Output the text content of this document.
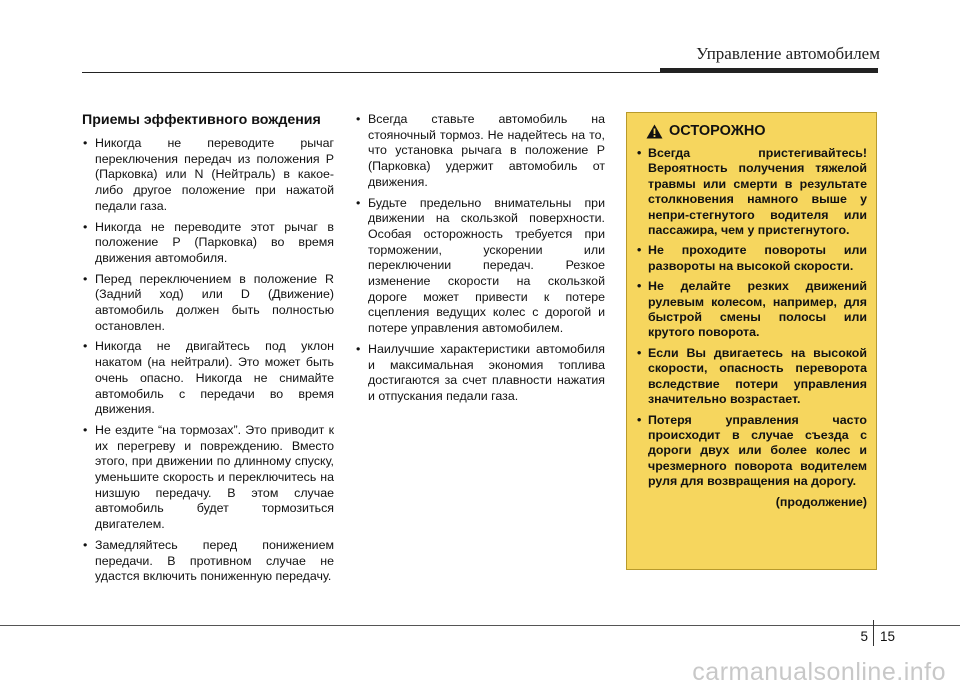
Управление автомобилем
Приемы эффективного вождения
• Никогда не переводите рычаг переключения передач из положения P (Парковка) или N (Нейтраль) в какое-либо другое положение при нажатой педали газа.
• Никогда не переводите этот рычаг в положение P (Парковка) во время движения автомобиля.
• Перед переключением в положение R (Задний ход) или D (Движение) автомобиль должен быть полностью остановлен.
• Никогда не двигайтесь под уклон накатом (на нейтрали). Это может быть очень опасно. Никогда не снимайте автомобиль с передачи во время движения.
• Не ездите “на тормозах”. Это приводит к их перегреву и повреждению. Вместо этого, при движении по длинному спуску, уменьшите скорость и переключитесь на низшую передачу. В этом случае автомобиль будет тормозиться двигателем.
• Замедляйтесь перед понижением передачи. В противном случае не удастся включить пониженную передачу.
• Всегда ставьте автомобиль на стояночный тормоз. Не надейтесь на то, что установка рычага в положение P (Парковка) удержит автомобиль от движения.
• Будьте предельно внимательны при движении на скользкой поверхности. Особая осторожность требуется при торможении, ускорении или переключении передач. Резкое изменение скорости на скользкой дороге может привести к потере сцепления ведущих колес с дорогой и потере управления автомобилем.
• Наилучшие характеристики автомобиля и максимальная экономия топлива достигаются за счет плавности нажатия и отпускания педали газа.
ОСТОРОЖНО
• Всегда пристегивайтесь! Вероятность получения тяжелой травмы или смерти в результате столкновения намного выше у непри-стегнутого водителя или пассажира, чем у пристегнутого.
• Не проходите повороты или развороты на высокой скорости.
• Не делайте резких движений рулевым колесом, например, для быстрой смены полосы или крутого поворота.
• Если Вы двигаетесь на высокой скорости, опасность переворота вследствие потери управления значительно возрастает.
• Потеря управления часто происходит в случае съезда с дороги двух или более колес и чрезмерного поворота водителем руля для возвращения на дорогу.
(продолжение)
5 15
carmanualsonline.info
